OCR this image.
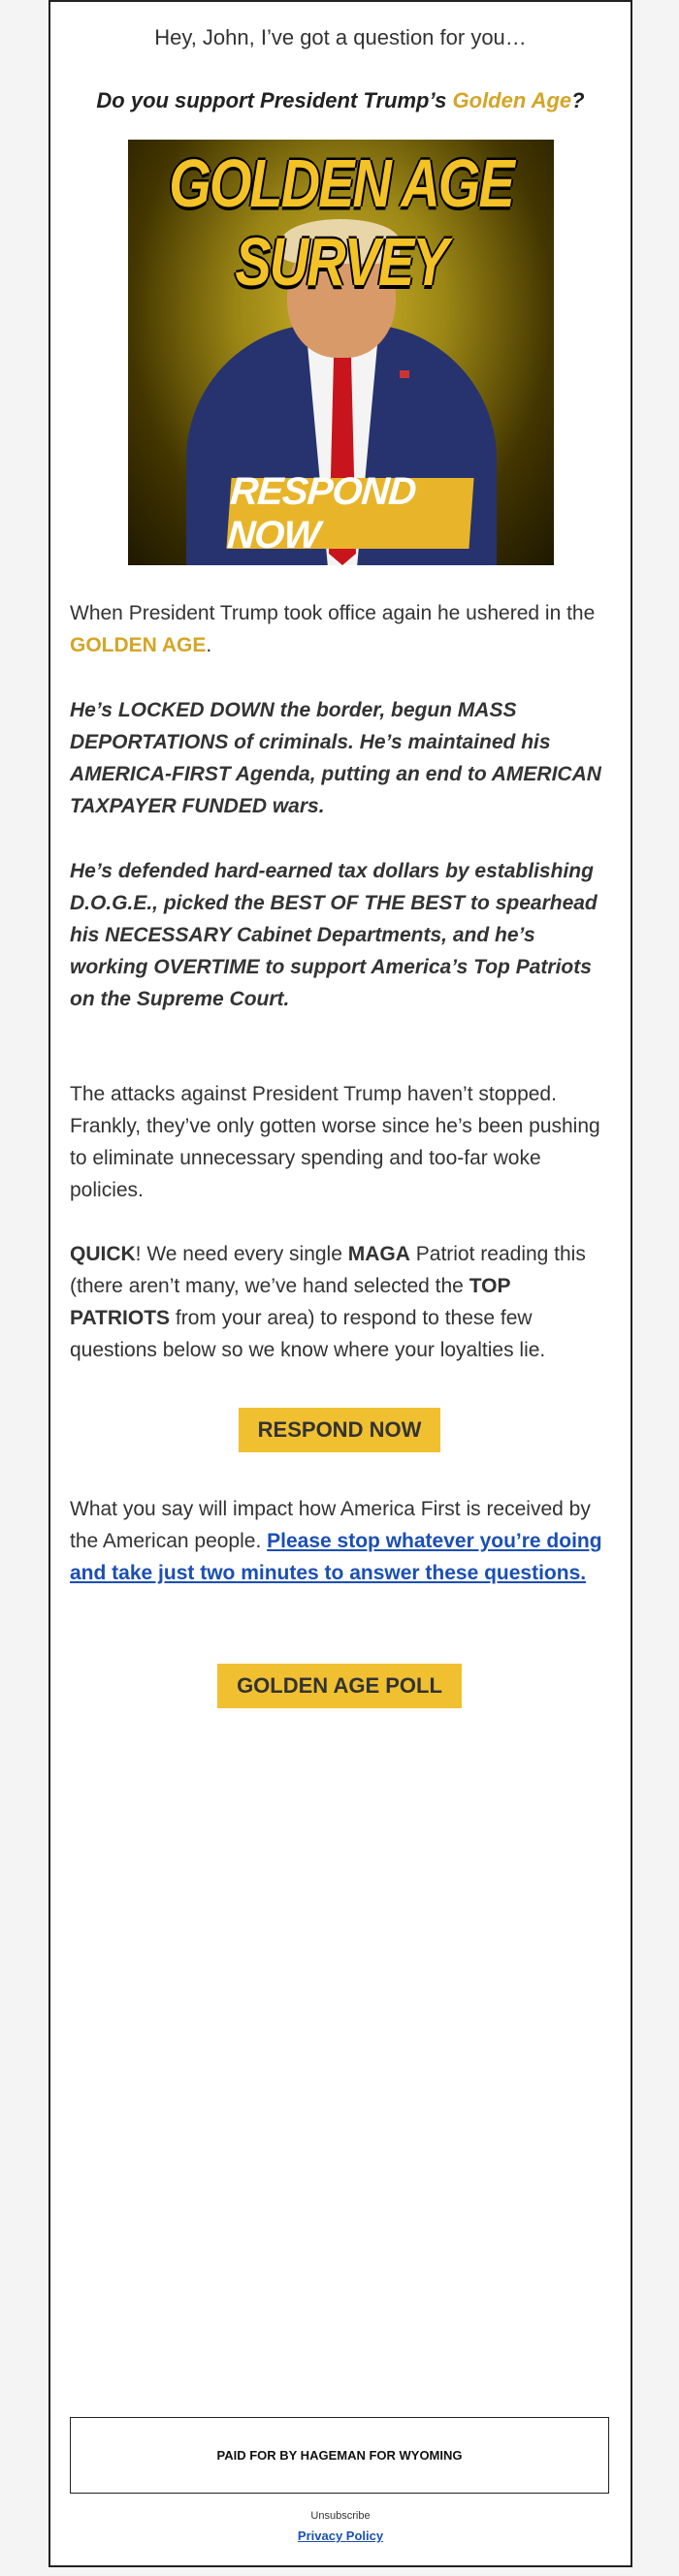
Hey, John, I’ve got a question for you…
Do you support President Trump’s Golden Age?
GOLDEN AGE SURVEY
RESPOND NOW
When President Trump took office again he ushered in the GOLDEN AGE.
He’s LOCKED DOWN the border, begun MASS DEPORTATIONS of criminals. He’s maintained his AMERICA-FIRST Agenda, putting an end to AMERICAN TAXPAYER FUNDED wars.
He’s defended hard-earned tax dollars by establishing D.O.G.E., picked the BEST OF THE BEST to spearhead his NECESSARY Cabinet Departments, and he’s working OVERTIME to support America’s Top Patriots on the Supreme Court.
The attacks against President Trump haven’t stopped. Frankly, they’ve only gotten worse since he’s been pushing to eliminate unnecessary spending and too-far woke policies.
QUICK! We need every single MAGA Patriot reading this (there aren’t many, we’ve hand selected the TOP PATRIOTS from your area) to respond to these few questions below so we know where your loyalties lie.
RESPOND NOW
What you say will impact how America First is received by the American people. Please stop whatever you’re doing and take just two minutes to answer these questions.
GOLDEN AGE POLL
PAID FOR BY HAGEMAN FOR WYOMING
Unsubscribe
Privacy Policy
